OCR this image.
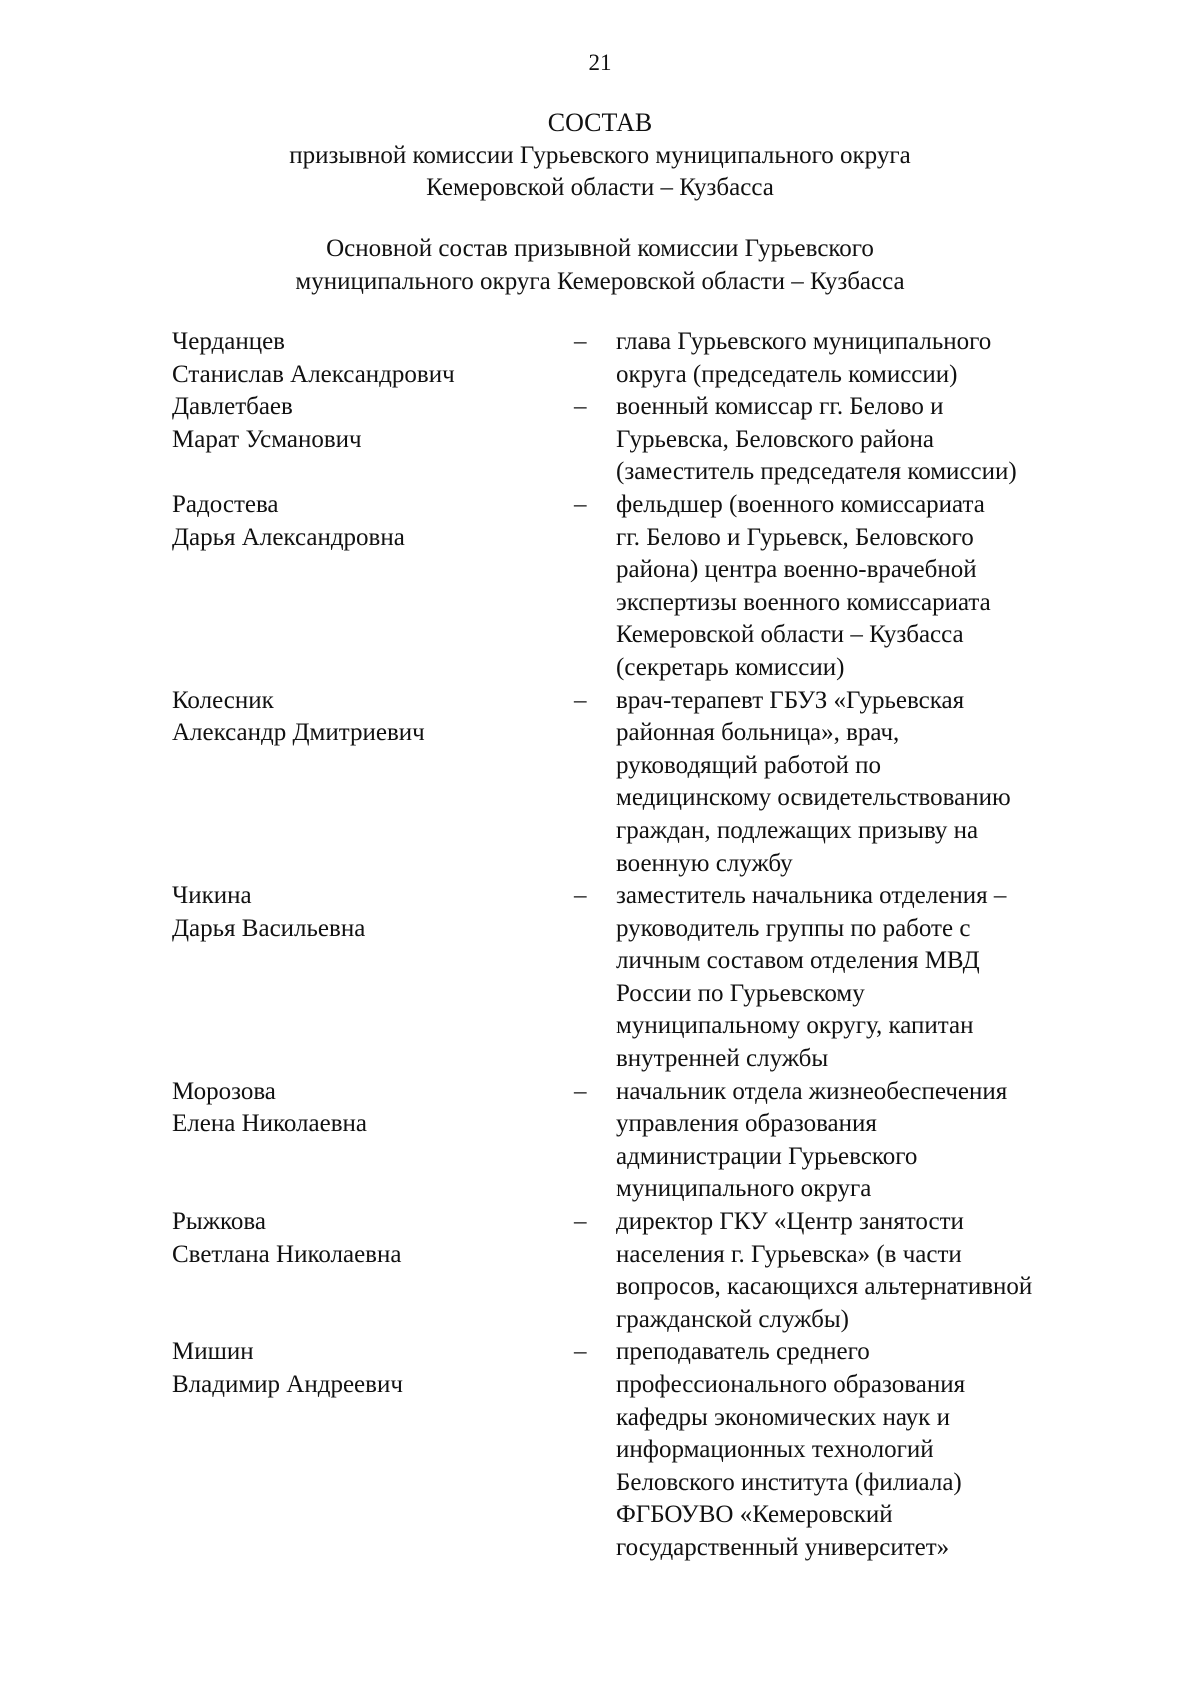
21
СОСТАВ
призывной комиссии Гурьевского муниципального округа
Кемеровской области – Кузбасса
Основной состав призывной комиссии Гурьевского
муниципального округа Кемеровской области – Кузбасса
Черданцев
Станислав Александрович
–	глава Гурьевского муниципального
округа (председатель комиссии)
Давлетбаев
Марат Усманович
–	военный комиссар гг. Белово и
Гурьевска, Беловского района
(заместитель председателя комиссии)
Радостева
Дарья Александровна
–	фельдшер (военного комиссариата
гг. Белово и Гурьевск, Беловского
района) центра военно-врачебной
экспертизы военного комиссариата
Кемеровской области – Кузбасса
(секретарь комиссии)
Колесник
Александр Дмитриевич
–	врач-терапевт ГБУЗ «Гурьевская
районная больница», врач,
руководящий работой по
медицинскому освидетельствованию
граждан, подлежащих призыву на
военную службу
Чикина
Дарья Васильевна
–	заместитель начальника отделения –
руководитель группы по работе с
личным составом отделения МВД
России по Гурьевскому
муниципальному округу, капитан
внутренней службы
Морозова
Елена Николаевна
–	начальник отдела жизнеобеспечения
управления образования
администрации Гурьевского
муниципального округа
Рыжкова
Светлана Николаевна
–	директор ГКУ «Центр занятости
населения г. Гурьевска» (в части
вопросов, касающихся альтернативной
гражданской службы)
Мишин
Владимир Андреевич
–	преподаватель среднего
профессионального образования
кафедры экономических наук и
информационных технологий
Беловского института (филиала)
ФГБОУВО «Кемеровский
государственный университет»
